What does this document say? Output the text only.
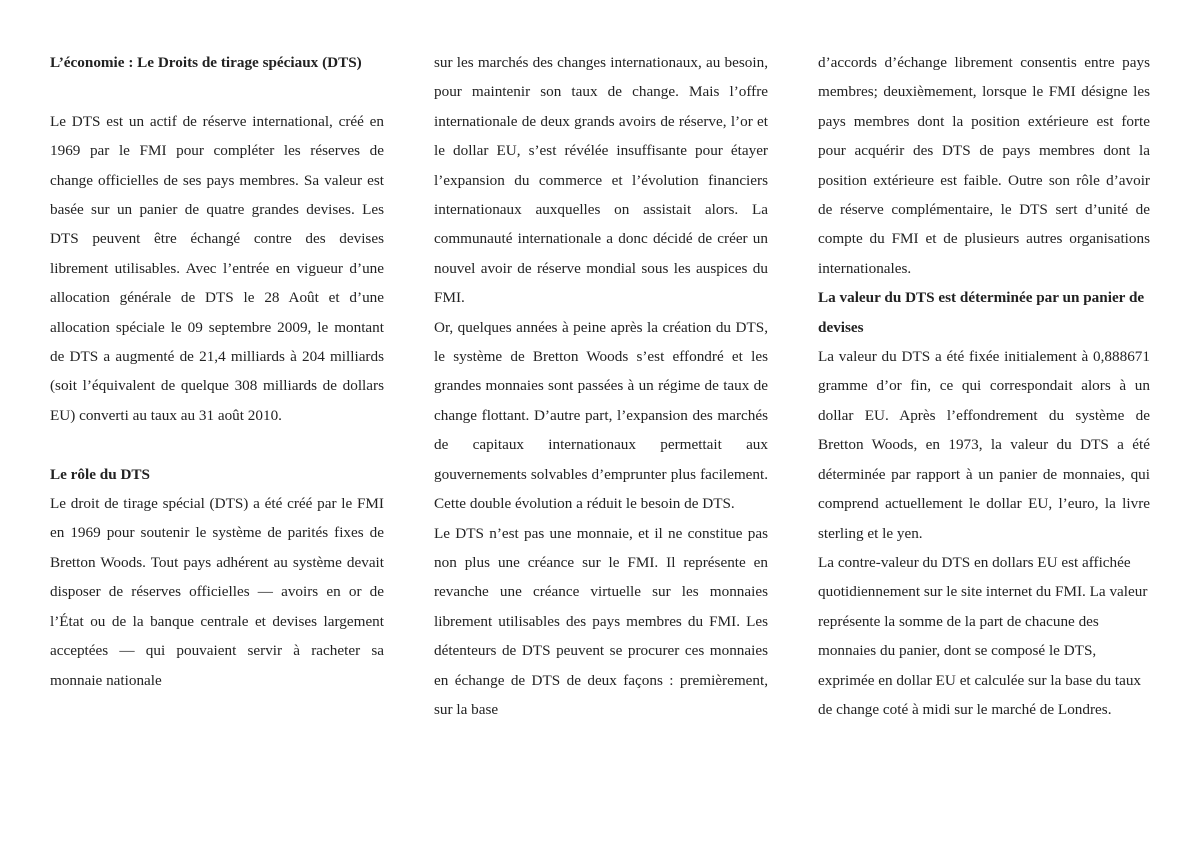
L’économie : Le Droits de tirage spéciaux (DTS)

Le DTS est un actif de réserve international, créé en 1969 par le FMI pour compléter les réserves de change officielles de ses pays membres. Sa valeur est basée sur un panier de quatre grandes devises. Les DTS peuvent être échangé contre des devises librement utilisables. Avec l’entrée en vigueur d’une allocation générale de DTS le 28 Août et d’une allocation spéciale le 09 septembre 2009, le montant de DTS a augmenté de 21,4 milliards à 204 milliards (soit l’équivalent de quelque 308 milliards de dollars EU) converti au taux au 31 août 2010.

Le rôle du DTS

Le droit de tirage spécial (DTS) a été créé par le FMI en 1969 pour soutenir le système de parités fixes de Bretton Woods. Tout pays adhérent au système devait disposer de réserves officielles — avoirs en or de l’État ou de la banque centrale et devises largement acceptées — qui pouvaient servir à racheter sa monnaie nationale

sur les marchés des changes internationaux, au besoin, pour maintenir son taux de change. Mais l’offre internationale de deux grands avoirs de réserve, l’or et le dollar EU, s’est révélée insuffisante pour étayer l’expansion du commerce et l’évolution financiers internationaux auxquelles on assistait alors. La communauté internationale a donc décidé de créer un nouvel avoir de réserve mondial sous les auspices du FMI.

Or, quelques années à peine après la création du DTS, le système de Bretton Woods s’est effondré et les grandes monnaies sont passées à un régime de taux de change flottant. D’autre part, l’expansion des marchés de capitaux internationaux permettait aux gouvernements solvables d’emprunter plus facilement. Cette double évolution a réduit le besoin de DTS.

Le DTS n’est pas une monnaie, et il ne constitue pas non plus une créance sur le FMI. Il représente en revanche une créance virtuelle sur les monnaies librement utilisables des pays membres du FMI. Les détenteurs de DTS peuvent se procurer ces monnaies en échange de DTS de deux façons : premièrement, sur la base

d’accords d’échange librement consentis entre pays membres; deuxièmement, lorsque le FMI désigne les pays membres dont la position extérieure est forte pour acquérir des DTS de pays membres dont la position extérieure est faible. Outre son rôle d’avoir de réserve complémentaire, le DTS sert d’unité de compte du FMI et de plusieurs autres organisations internationales.

La valeur du DTS est déterminée par un panier de devises

La valeur du DTS a été fixée initialement à 0,888671 gramme d’or fin, ce qui correspondait alors à un dollar EU. Après l’effondrement du système de Bretton Woods, en 1973, la valeur du DTS a été déterminée par rapport à un panier de monnaies, qui comprend actuellement le dollar EU, l’euro, la livre sterling et le yen.

La contre-valeur du DTS en dollars EU est affichée quotidiennement sur le site internet du FMI. La valeur représente la somme de la part de chacune des monnaies du panier, dont se composé le DTS, exprimée en dollar EU et calculée sur la base du taux de change coté à midi sur le marché de Londres.
